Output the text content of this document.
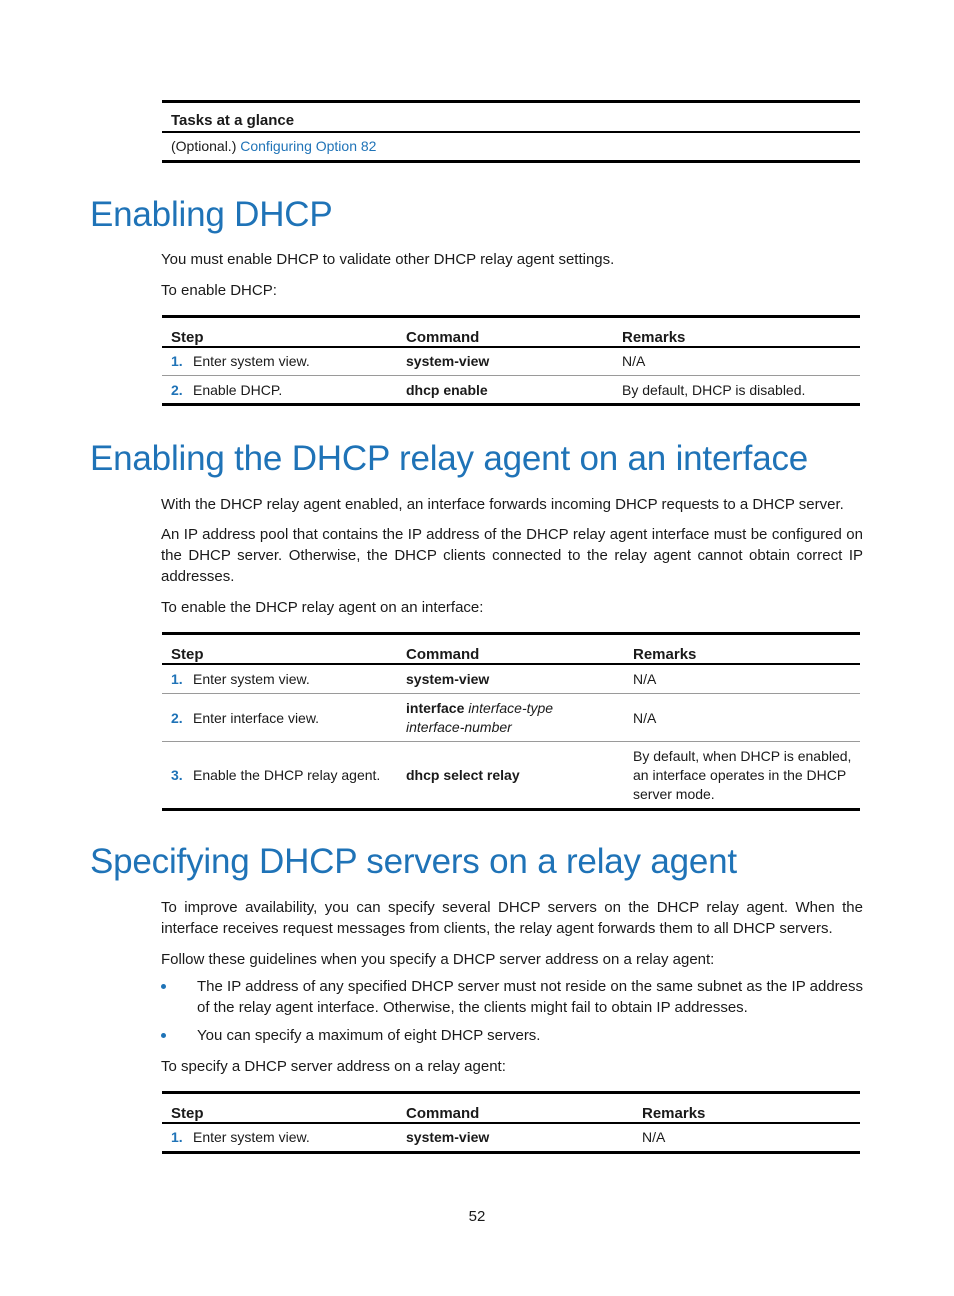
Tasks at a glance
(Optional.) Configuring Option 82
Enabling DHCP

You must enable DHCP to validate other DHCP relay agent settings.

To enable DHCP:

Step	Command	Remarks
1. Enter system view.	system-view	N/A
2. Enable DHCP.	dhcp enable	By default, DHCP is disabled.
Enabling the DHCP relay agent on an interface

With the DHCP relay agent enabled, an interface forwards incoming DHCP requests to a DHCP server.

An IP address pool that contains the IP address of the DHCP relay agent interface must be configured on the DHCP server. Otherwise, the DHCP clients connected to the relay agent cannot obtain correct IP addresses.

To enable the DHCP relay agent on an interface:

Step	Command	Remarks
1. Enter system view.	system-view	N/A
2. Enter interface view.	interface interface-type
interface-number	N/A
3. Enable the DHCP relay agent.	dhcp select relay	By default, when DHCP is enabled,
an interface operates in the DHCP
server mode.
Specifying DHCP servers on a relay agent

To improve availability, you can specify several DHCP servers on the DHCP relay agent. When the interface receives request messages from clients, the relay agent forwards them to all DHCP servers.

Follow these guidelines when you specify a DHCP server address on a relay agent:

The IP address of any specified DHCP server must not reside on the same subnet as the IP address of the relay agent interface. Otherwise, the clients might fail to obtain IP addresses.
You can specify a maximum of eight DHCP servers.

To specify a DHCP server address on a relay agent:

Step	Command	Remarks
1. Enter system view.	system-view	N/A
52
